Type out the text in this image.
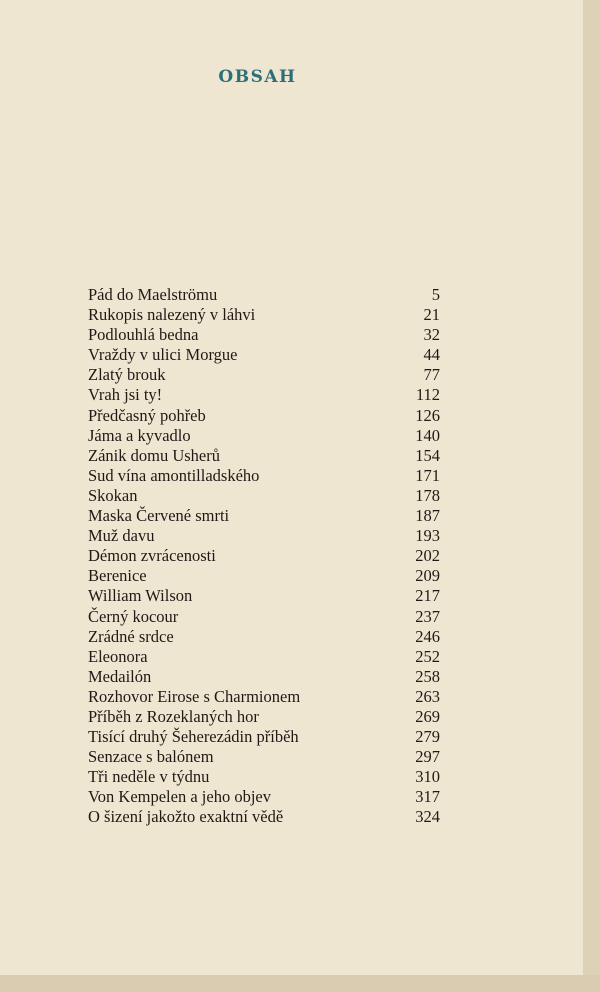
OBSAH
Pád do Maelströmu	5
Rukopis nalezený v láhvi	21
Podlouhlá bedna	32
Vraždy v ulici Morgue	44
Zlatý brouk	77
Vrah jsi ty!	112
Předčasný pohřeb	126
Jáma a kyvadlo	140
Zánik domu Usherů	154
Sud vína amontilladského	171
Skokan	178
Maska Červené smrti	187
Muž davu	193
Démon zvrácenosti	202
Berenice	209
William Wilson	217
Černý kocour	237
Zrádné srdce	246
Eleonora	252
Medailón	258
Rozhovor Eirose s Charmionem	263
Příběh z Rozeklaných hor	269
Tisící druhý Šeherezádin příběh	279
Senzace s balónem	297
Tři neděle v týdnu	310
Von Kempelen a jeho objev	317
O šizení jakožto exaktní vědě	324
